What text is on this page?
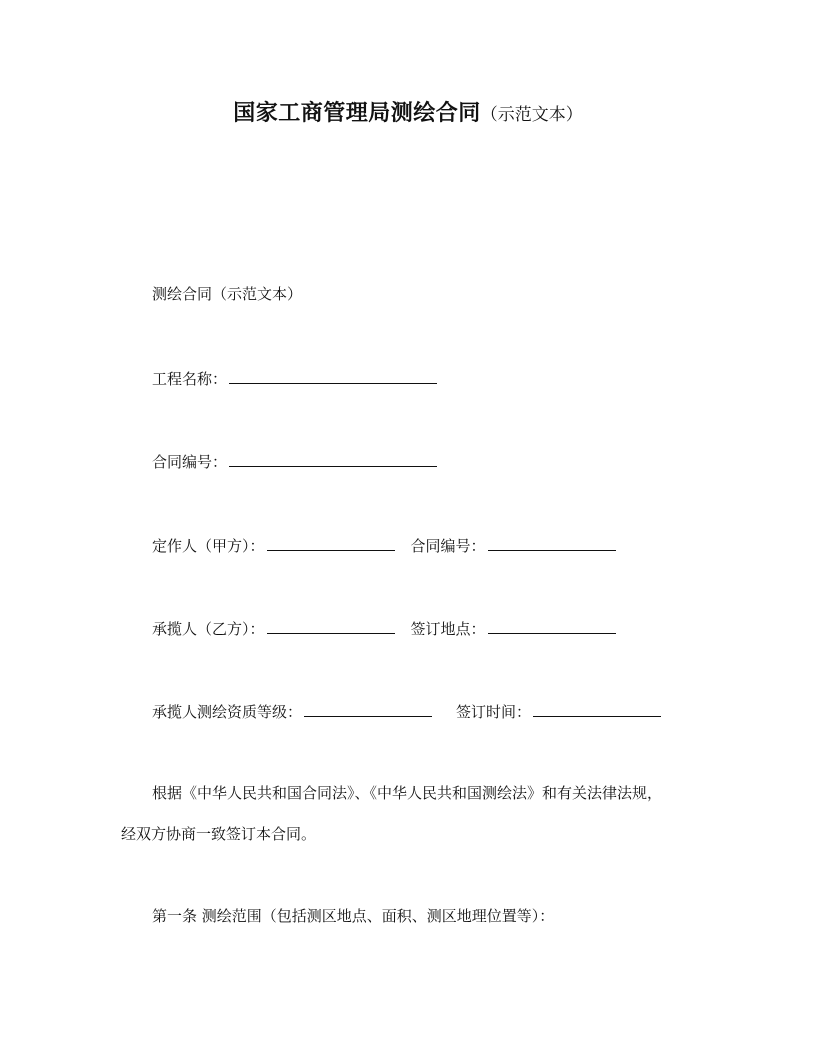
国家工商管理局测绘合同（示范文本）
测绘合同（示范文本）
工程名称：
合同编号：
定作人（甲方）：	合同编号：
承揽人（乙方）：	签订地点：
承揽人测绘资质等级：	签订时间：
根据《中华人民共和国合同法》、《中华人民共和国测绘法》和有关法律法规，
经双方协商一致签订本合同。
第一条 测绘范围（包括测区地点、面积、测区地理位置等）：
